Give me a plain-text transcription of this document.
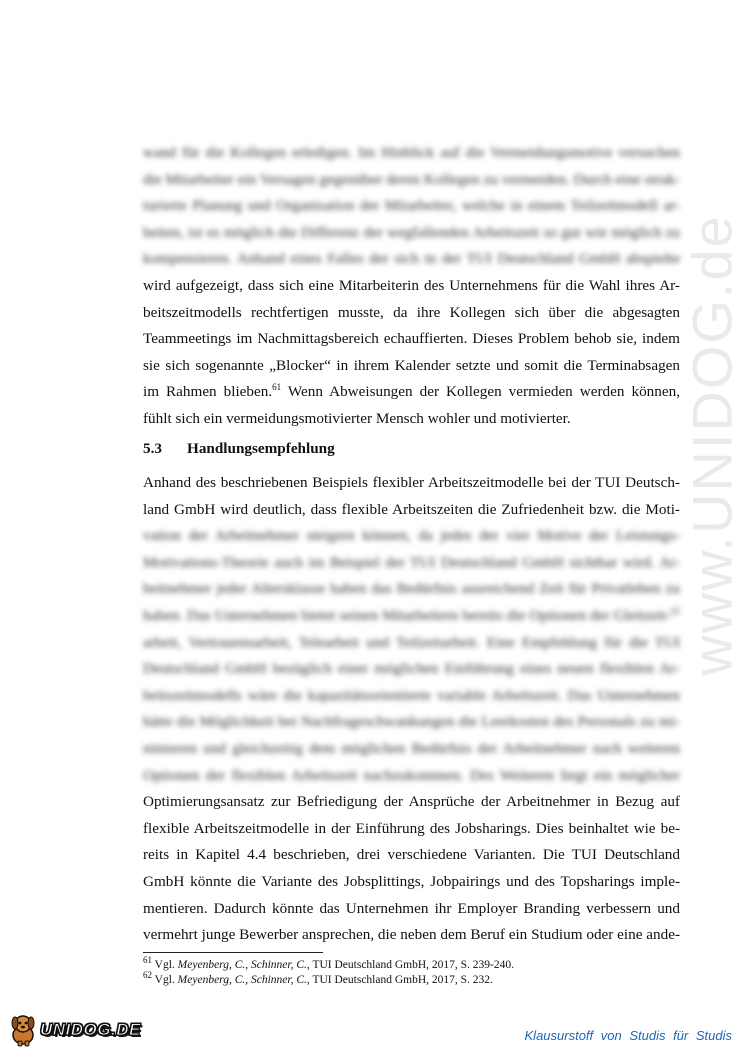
www.UNIDOG.de
wand für die Kollegen erledigen. Im Hinblick auf die Vermeidungsmotive versuchen
die Mitarbeiter ein Versagen gegenüber deren Kollegen zu vermeiden. Durch eine struk-
turierte Planung und Organisation der Mitarbeiter, welche in einem Teilzeitmodell ar-
beiten, ist es möglich die Differenz der wegfallenden Arbeitszeit so gut wie möglich zu
kompensieren. Anhand eines Falles der sich in der TUI Deutschland GmbH abspielte
wird aufgezeigt, dass sich eine Mitarbeiterin des Unternehmens für die Wahl ihres Ar-
beitszeitmodells rechtfertigen musste, da ihre Kollegen sich über die abgesagten
Teammeetings im Nachmittagsbereich echauffierten. Dieses Problem behob sie, indem
sie sich sogenannte „Blocker“ in ihrem Kalender setzte und somit die Terminabsagen
im Rahmen blieben.$^{61}$ Wenn Abweisungen der Kollegen vermieden werden können,
fühlt sich ein vermeidungsmotivierter Mensch wohler und motivierter.
5.3 Handlungsempfehlung
Anhand des beschriebenen Beispiels flexibler Arbeitszeitmodelle bei der TUI Deutsch-
land GmbH wird deutlich, dass flexible Arbeitszeiten die Zufriedenheit bzw. die Moti-
vation der Arbeitnehmer steigern können, da jedes der vier Motive der Leistungs-
Motivations-Theorie auch im Beispiel der TUI Deutschland GmbH sichtbar wird. Ar-
beitnehmer jeder Altersklasse haben das Bedürfnis ausreichend Zeit für Privatleben zu
haben. Das Unternehmen bietet seinen Mitarbeitern bereits die Optionen der Gleitzeit-$^{62}$
arbeit, Vertrauensarbeit, Telearbeit und Teilzeitarbeit. Eine Empfehlung für die TUI
Deutschland GmbH bezüglich einer möglichen Einführung eines neuen flexiblen Ar-
beitszeitmodells wäre die kapazitätsorientierte variable Arbeitszeit. Das Unternehmen
hätte die Möglichkeit bei Nachfrageschwankungen die Leerkosten des Personals zu mi-
nimieren und gleichzeitig dem möglichen Bedürfnis der Arbeitnehmer nach weiteren
Optionen der flexiblen Arbeitszeit nachzukommen. Des Weiteren liegt ein möglicher
Optimierungsansatz zur Befriedigung der Ansprüche der Arbeitnehmer in Bezug auf
flexible Arbeitszeitmodelle in der Einführung des Jobsharings. Dies beinhaltet wie be-
reits in Kapitel 4.4 beschrieben, drei verschiedene Varianten. Die TUI Deutschland
GmbH könnte die Variante des Jobsplittings, Jobpairings und des Topsharings imple-
mentieren. Dadurch könnte das Unternehmen ihr Employer Branding verbessern und
vermehrt junge Bewerber ansprechen, die neben dem Beruf ein Studium oder eine ande-
$^{61}$ Vgl. Meyenberg, C., Schinner, C., TUI Deutschland GmbH, 2017, S. 239-240.
$^{62}$ Vgl. Meyenberg, C., Schinner, C., TUI Deutschland GmbH, 2017, S. 232.
UNIDOG.DE	Klausurstoff von Studis für Studis
